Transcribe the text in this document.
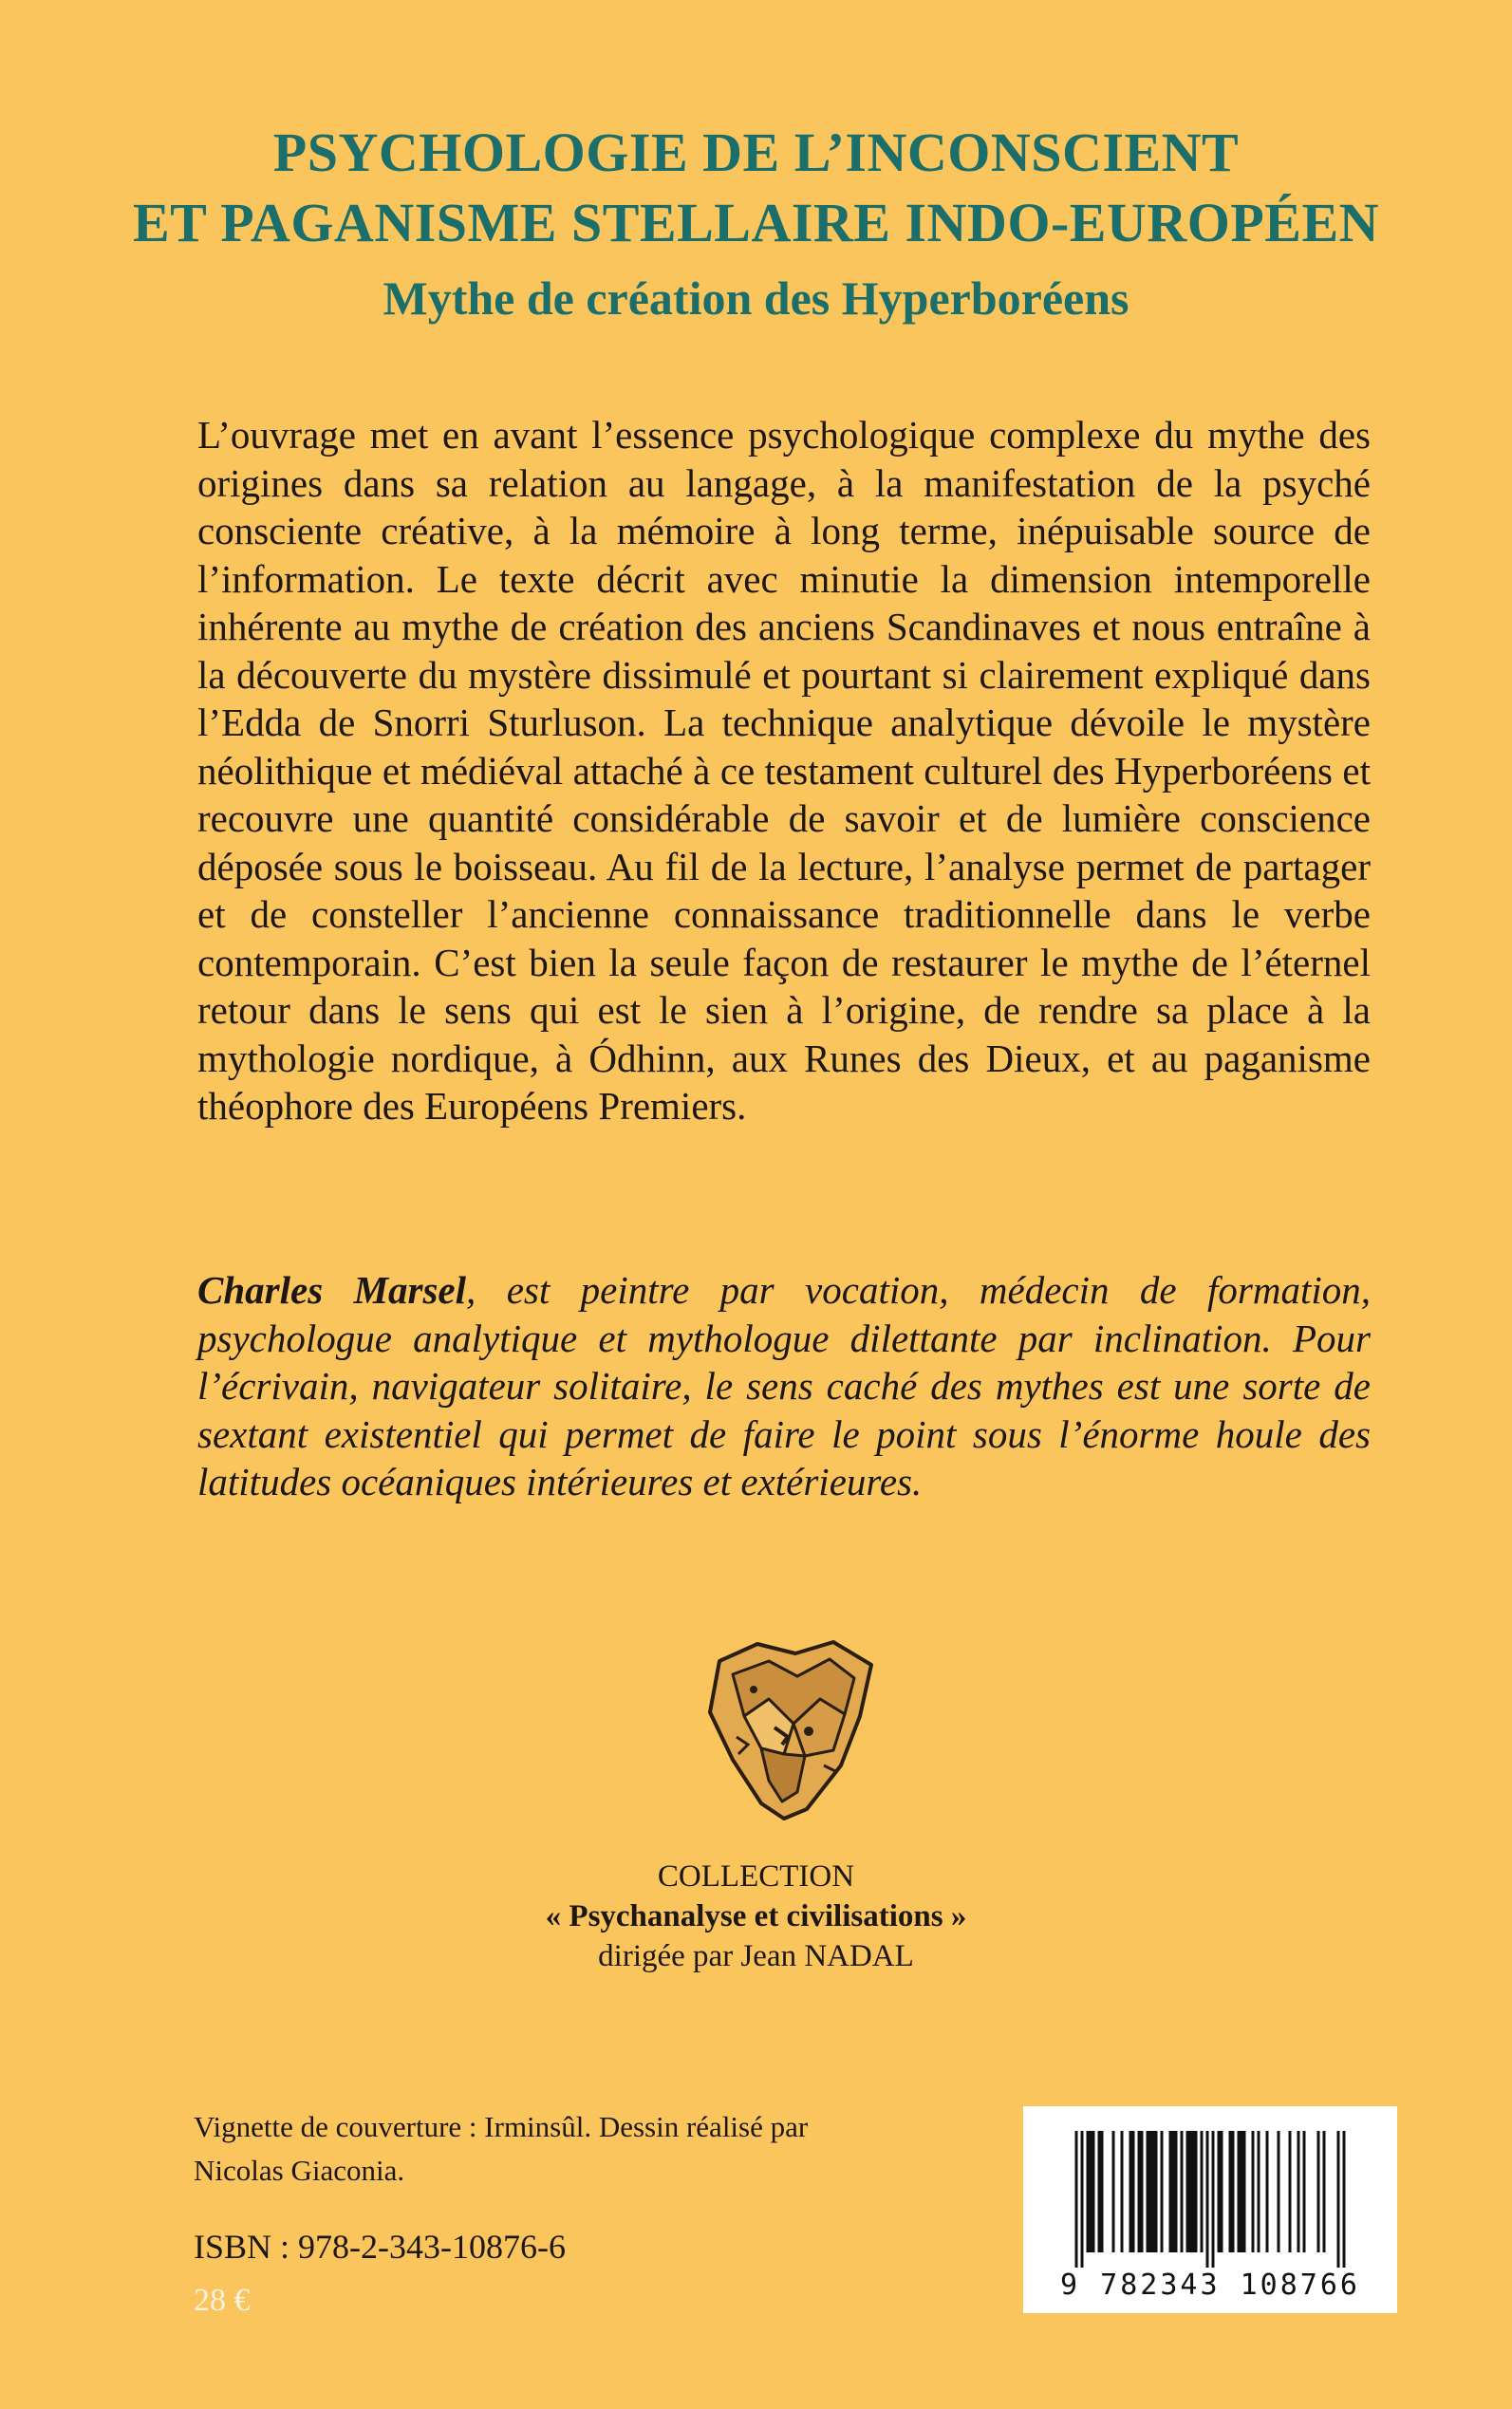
PSYCHOLOGIE DE L’INCONSCIENT
ET PAGANISME STELLAIRE INDO-EUROPÉEN
Mythe de création des Hyperboréens

L’ouvrage met en avant l’essence psychologique complexe du mythe des origines dans sa relation au langage, à la manifestation de la psyché consciente créative, à la mémoire à long terme, inépuisable source de l’information. Le texte décrit avec minutie la dimension intemporelle inhérente au mythe de création des anciens Scandinaves et nous entraîne à la découverte du mystère dissimulé et pourtant si clairement expliqué dans l’Edda de Snorri Sturluson. La technique analytique dévoile le mystère néolithique et médiéval attaché à ce testament culturel des Hyperboréens et recouvre une quantité considérable de savoir et de lumière conscience déposée sous le boisseau. Au fil de la lecture, l’analyse permet de partager et de consteller l’ancienne connaissance traditionnelle dans le verbe contemporain. C’est bien la seule façon de restaurer le mythe de l’éternel retour dans le sens qui est le sien à l’origine, de rendre sa place à la mythologie nordique, à Ódhinn, aux Runes des Dieux, et au paganisme théophore des Européens Premiers.

Charles Marsel, est peintre par vocation, médecin de formation, psychologue analytique et mythologue dilettante par inclination. Pour l’écrivain, navigateur solitaire, le sens caché des mythes est une sorte de sextant existentiel qui permet de faire le point sous l’énorme houle des latitudes océaniques intérieures et extérieures.

COLLECTION
« Psychanalyse et civilisations »
dirigée par Jean NADAL
Vignette de couverture : Irminsûl. Dessin réalisé par Nicolas Giaconia.
ISBN : 978-2-343-10876-6
28 €	9 782343 108766
